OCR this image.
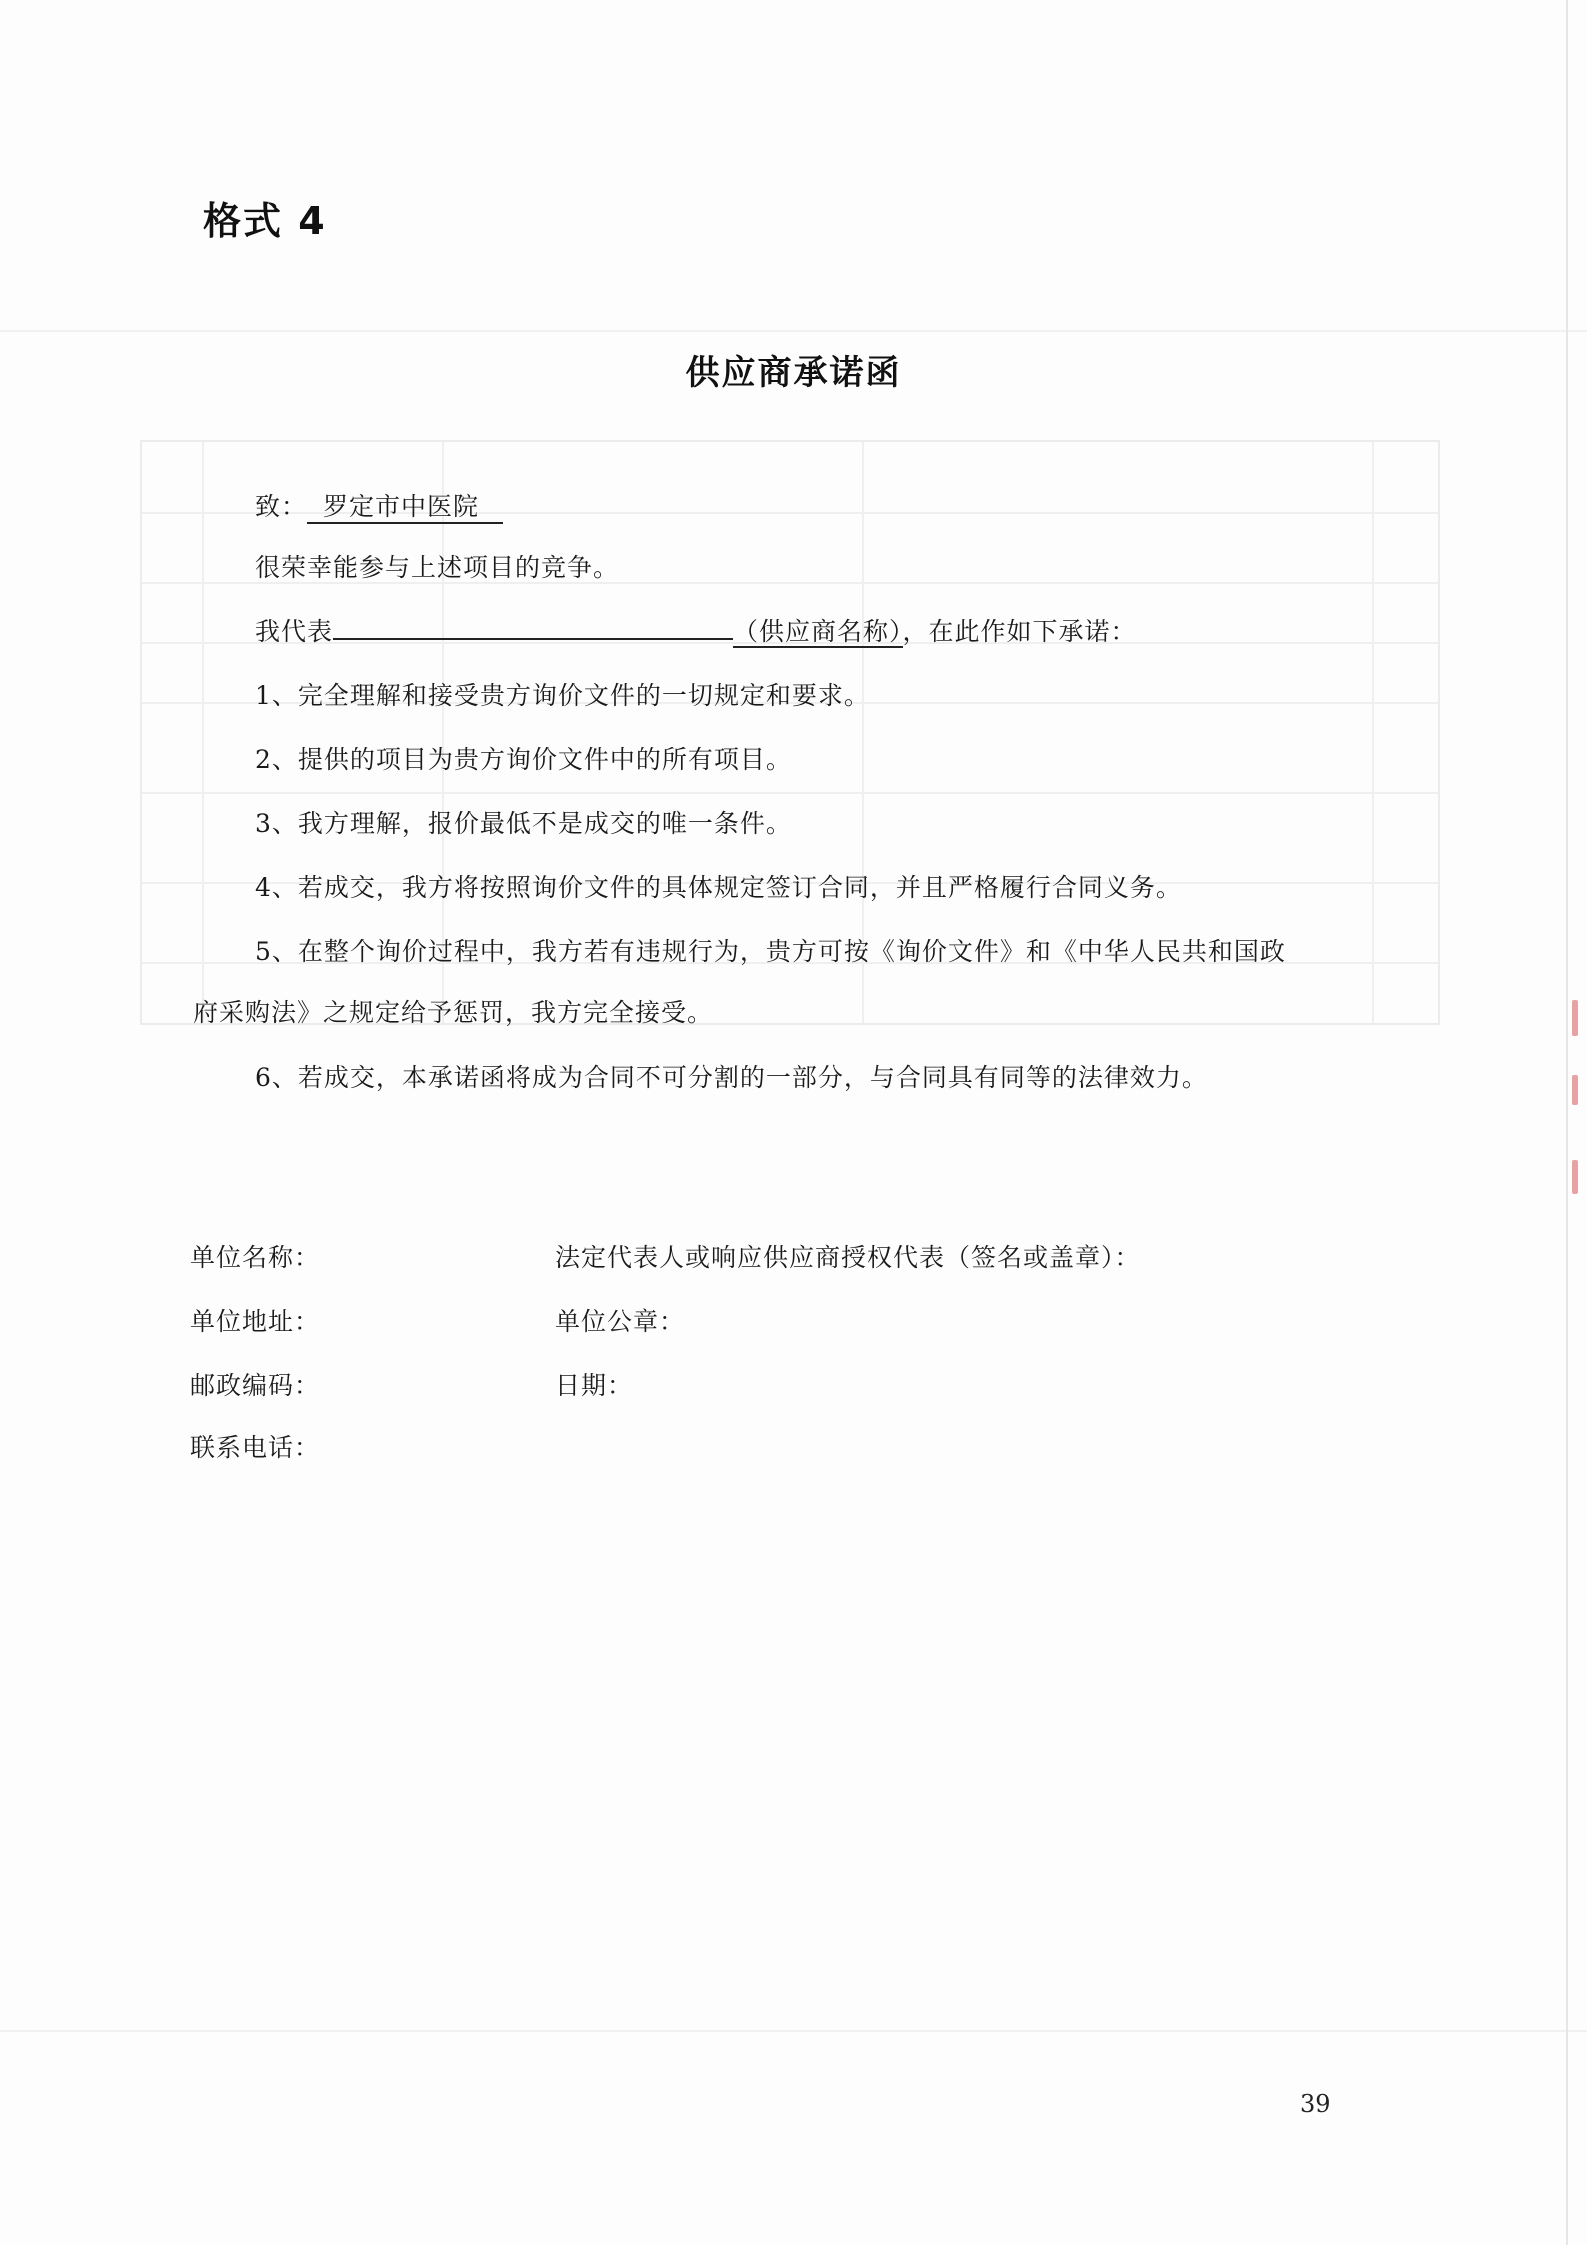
格式 4
供应商承诺函
致： 罗定市中医院
很荣幸能参与上述项目的竞争。
我代表	（供应商名称），在此作如下承诺：
1、完全理解和接受贵方询价文件的一切规定和要求。
2、提供的项目为贵方询价文件中的所有项目。
3、我方理解，报价最低不是成交的唯一条件。
4、若成交，我方将按照询价文件的具体规定签订合同，并且严格履行合同义务。
5、在整个询价过程中，我方若有违规行为，贵方可按《询价文件》和《中华人民共和国政
府采购法》之规定给予惩罚，我方完全接受。
6、若成交，本承诺函将成为合同不可分割的一部分，与合同具有同等的法律效力。
单位名称：	法定代表人或响应供应商授权代表（签名或盖章）：
单位地址：	单位公章：
邮政编码：	日期：
联系电话：
39
